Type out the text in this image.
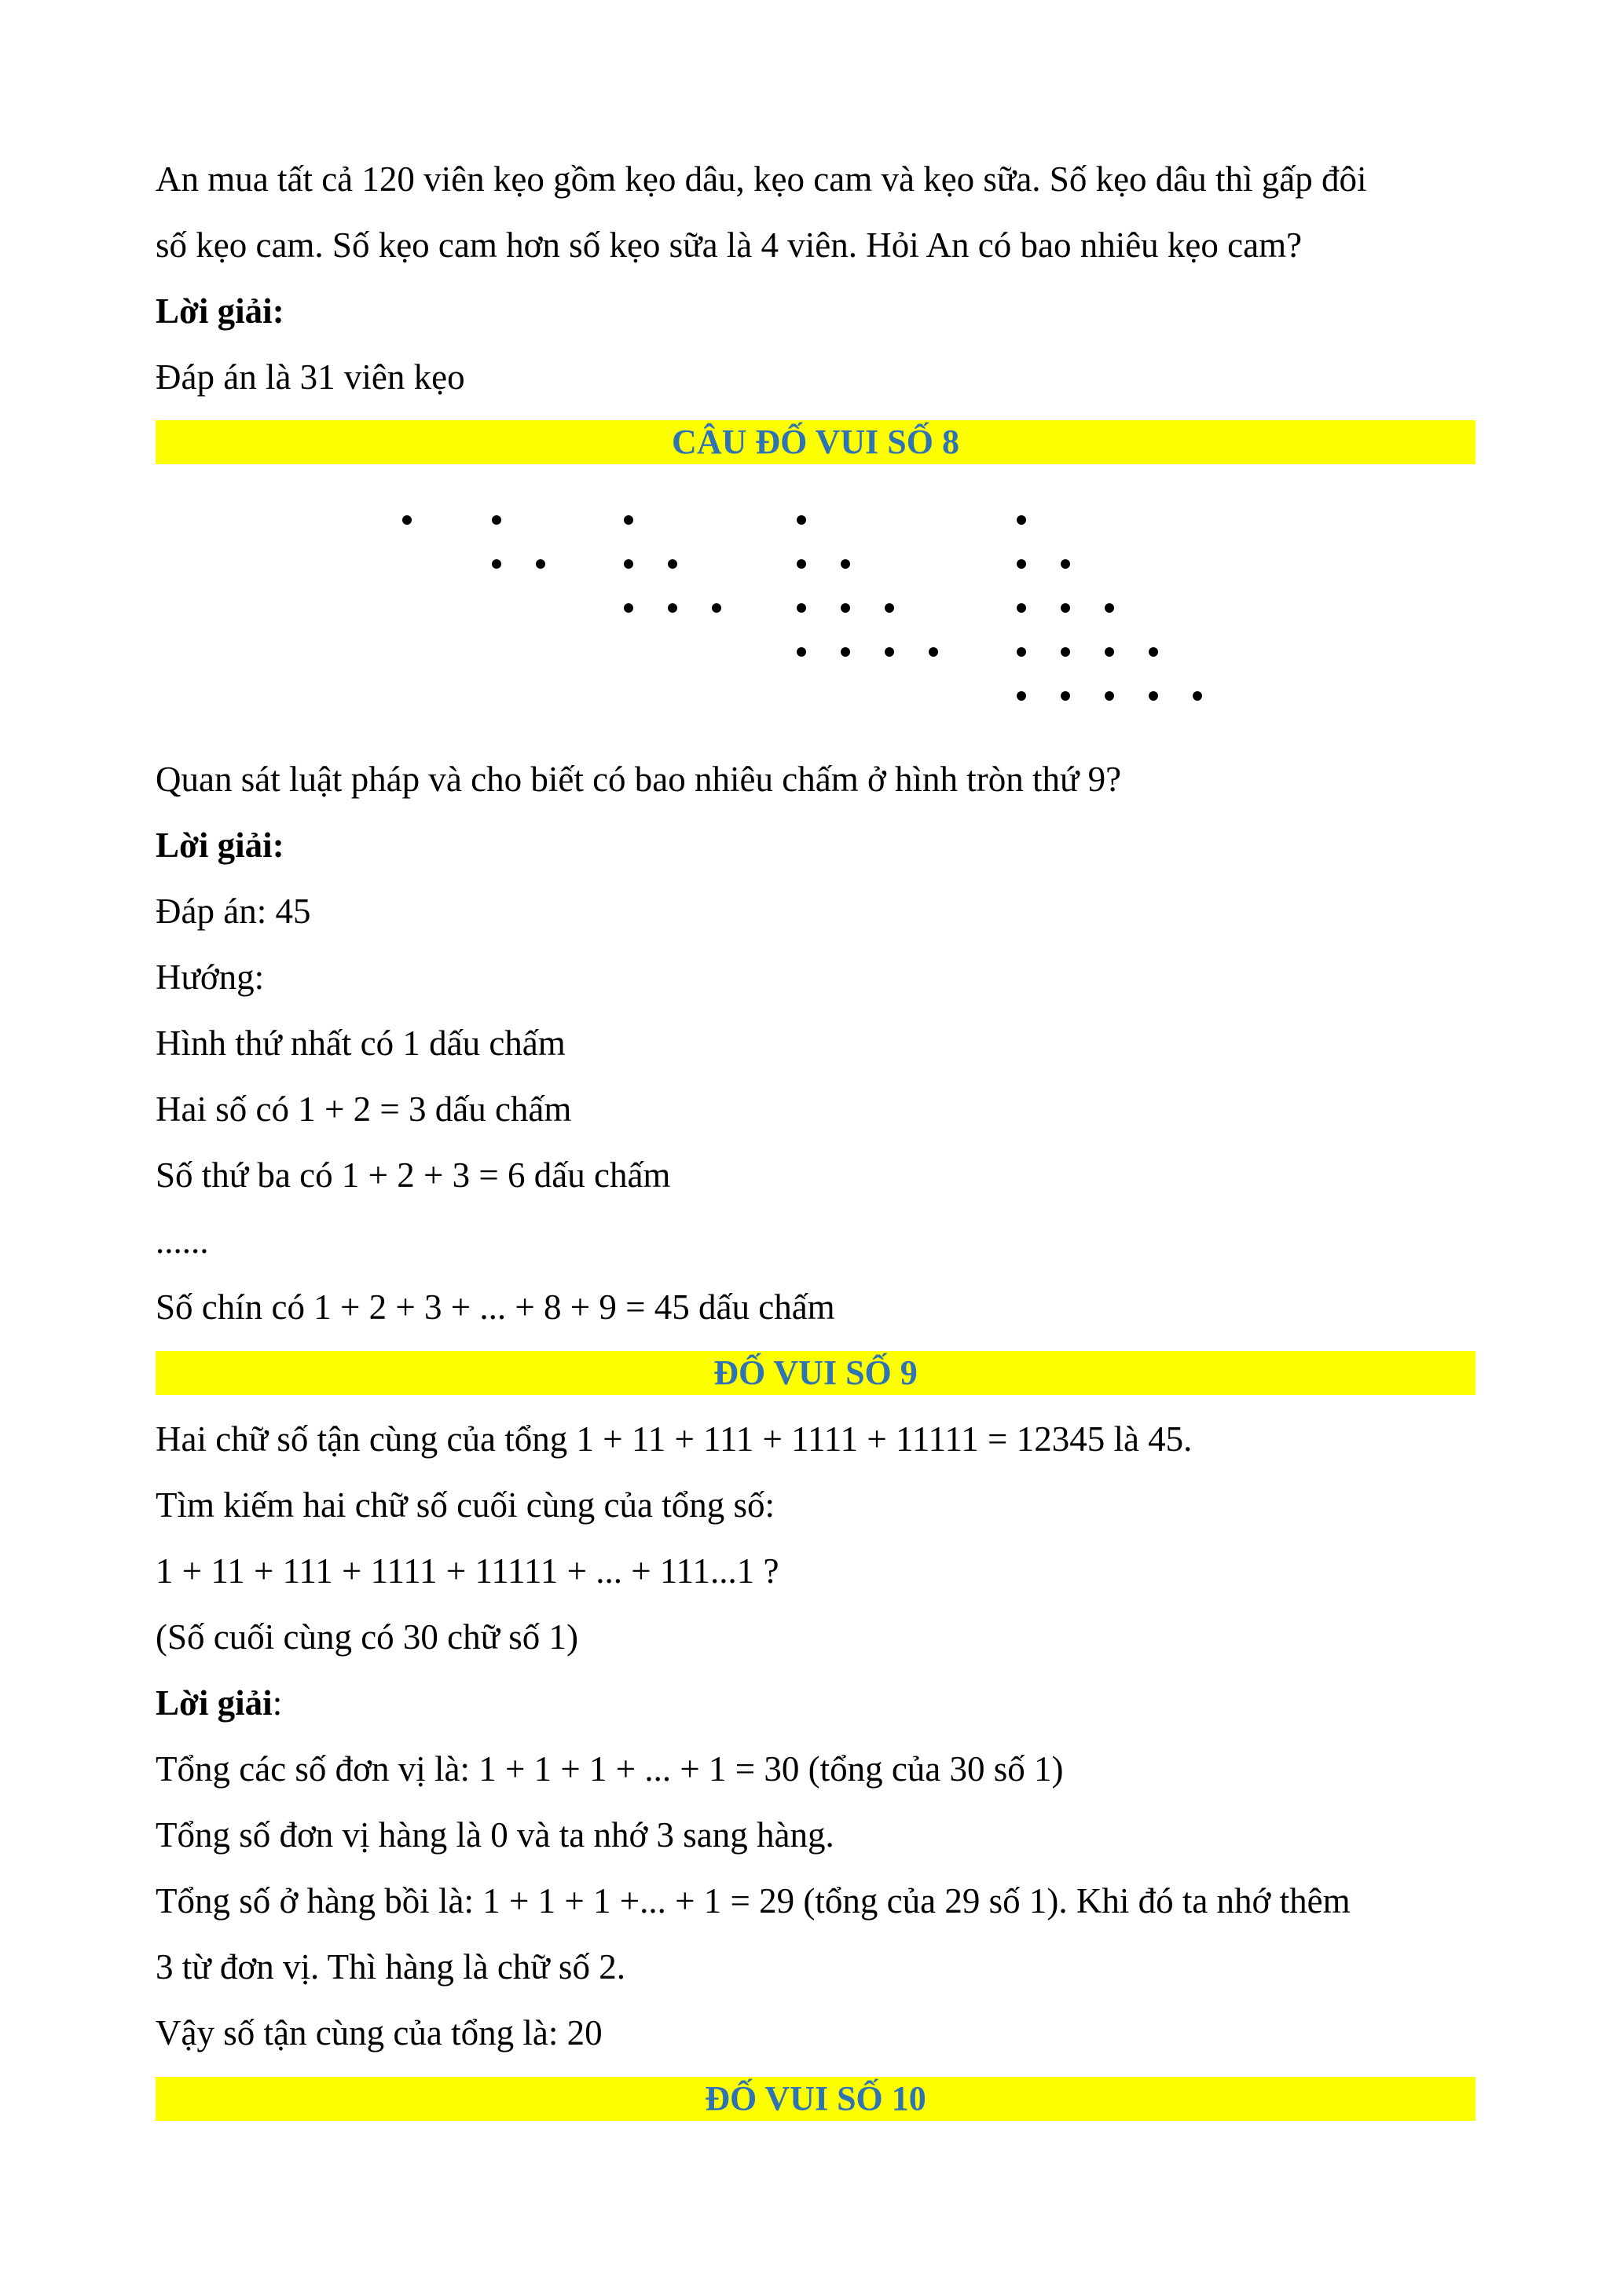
An mua tất cả 120 viên kẹo gồm kẹo dâu, kẹo cam và kẹo sữa. Số kẹo dâu thì gấp đôi
số kẹo cam. Số kẹo cam hơn số kẹo sữa là 4 viên. Hỏi An có bao nhiêu kẹo cam?
Lời giải:
Đáp án là 31 viên kẹo
CÂU ĐỐ VUI SỐ 8
Quan sát luật pháp và cho biết có bao nhiêu chấm ở hình tròn thứ 9?
Lời giải:
Đáp án: 45
Hướng:
Hình thứ nhất có 1 dấu chấm
Hai số có 1 + 2 = 3 dấu chấm
Số thứ ba có 1 + 2 + 3 = 6 dấu chấm
......
Số chín có 1 + 2 + 3 + ... + 8 + 9 = 45 dấu chấm
ĐỐ VUI SỐ 9
Hai chữ số tận cùng của tổng 1 + 11 + 111 + 1111 + 11111 = 12345 là 45.
Tìm kiếm hai chữ số cuối cùng của tổng số:
1 + 11 + 111 + 1111 + 11111 + ... + 111...1 ?
(Số cuối cùng có 30 chữ số 1)
Lời giải:
Tổng các số đơn vị là: 1 + 1 + 1 + ... + 1 = 30 (tổng của 30 số 1)
Tổng số đơn vị hàng là 0 và ta nhớ 3 sang hàng.
Tổng số ở hàng bồi là: 1 + 1 + 1 +... + 1 = 29 (tổng của 29 số 1). Khi đó ta nhớ thêm
3 từ đơn vị. Thì hàng là chữ số 2.
Vậy số tận cùng của tổng là: 20
ĐỐ VUI SỐ 10
